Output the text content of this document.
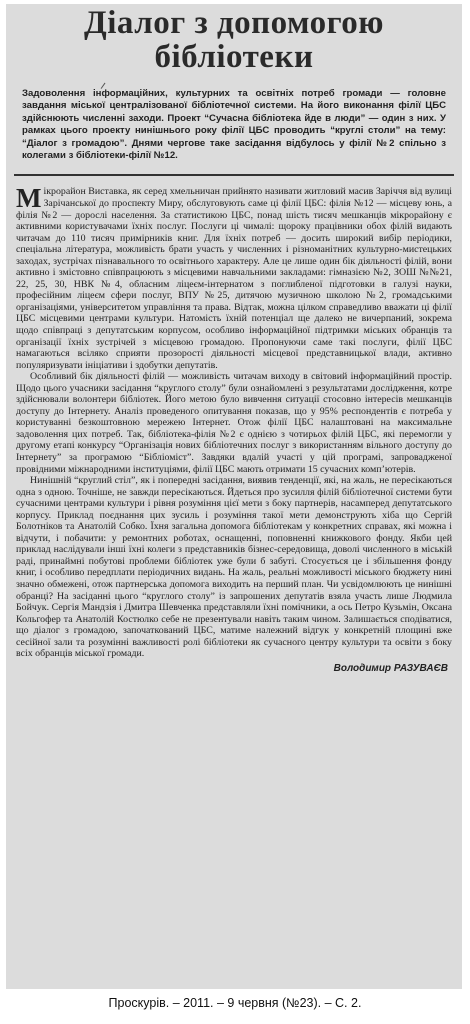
Діалог з допомогою бібліотеки
Задоволення інформаційних, культурних та освітніх потреб громади — головне завдання міської централізованої бібліотечної системи. На його виконання філії ЦБС здійснюють численні заходи. Проект “Сучасна бібліотека йде в люди” — один з них. У рамках цього проекту нинішнього року філії ЦБС проводить “круглі столи” на тему: “Діалог з громадою”. Днями чергове таке засідання відбулось у філії №2 спільно з колегами з бібліотеки-філії №12.

Мікрорайон Виставка, як серед хмельничан прийнято називати житловий масив Заріччя від вулиці Зарічанської до проспекту Миру, обслуговують саме ці філії ЦБС: філія №12 — місцеву юнь, а філія №2 — дорослі населення. За статистикою ЦБС, понад шість тисяч мешканців мікрорайону є активними користувачами їхніх послуг. Послуги ці чималі: щороку працівники обох філій видають читачам до 110 тисяч примірників книг. Для їхніх потреб — досить широкий вибір періодики, спеціальна література, можливість брати участь у численних і різноманітних культурно-мистецьких заходах, зустрічах пізнавального то освітнього характеру. Але це лише один бік діяльності філій, вони активно і змістовно співпрацюють з місцевими навчальними закладами: гімназією №2, ЗОШ №№21, 22, 25, 30, НВК №4, обласним ліцеєм-інтернатом з поглибленої підготовки в галузі науки, професійним ліцеєм сфери послуг, ВПУ №25, дитячою музичною школою №2, громадськими організаціями, університетом управління та права. Відтак, можна цілком справедливо вважати ці філії ЦБС місцевими центрами культури. Натомість їхній потенціал ще далеко не вичерпаний, зокрема щодо співпраці з депутатським корпусом, особливо інформаційної підтримки міських обранців та організації їхніх зустрічей з місцевою громадою. Пропонуючи саме такі послуги, філії ЦБС намагаються всіляко сприяти прозорості діяльності місцевої представницької влади, активно популяризувати ініціативи і здобутки депутатів.

Особливий бік діяльності філій — можливість читачам виходу в світовий інформаційний простір. Щодо цього учасники засідання “круглого столу” були ознайомлені з результатами дослідження, котре здійснювали волонтери бібліотек. Його метою було вивчення ситуації стосовно інтересів мешканців доступу до Інтернету. Аналіз проведеного опитування показав, що у 95% респондентів є потреба у користуванні безкоштовною мережею Інтернет. Отож філії ЦБС налаштовані на максимальне задоволення цих потреб. Так, бібліотека-філія №2 є однією з чотирьох філій ЦБС, які перемогли у другому етапі конкурсу “Організація нових бібліотечних послуг з використанням вільного доступу до Інтернету” за програмою “Бібліоміст”. Завдяки вдалій участі у цій програмі, запровадженої провідними міжнародними інституціями, філії ЦБС мають отримати 15 сучасних комп’ютерів.

Нинішній “круглий стіл”, як і попередні засідання, виявив тенденції, які, на жаль, не пересікаються одна з одною. Точніше, не завжди пересікаються. Йдеться про зусилля філій бібліотечної системи бути сучасними центрами культури і рівня розуміння цієї мети з боку партнерів, насамперед депутатського корпусу. Приклад поєднання цих зусиль і розуміння такої мети демонструють хіба що Сергій Болотніков та Анатолій Собко. Їхня загальна допомога бібліотекам у конкретних справах, які можна і відчути, і побачити: у ремонтних роботах, оснащенні, поповненні книжкового фонду. Якби цей приклад наслідували інші їхні колеги з представників бізнес-середовища, доволі численного в міській раді, принаймні побутові проблеми бібліотек уже були б забуті. Стосується це і збільшення фонду книг, і особливо передплати періодичних видань. На жаль, реальні можливості міського бюджету нині значно обмежені, отож партнерська допомога виходить на перший план. Чи усвідомлюють це нинішні обранці? На засіданні цього “круглого столу” із запрошених депутатів взяла участь лише Людмила Бойчук. Сергія Мандзія і Дмитра Шевченка представляли їхні помічники, а ось Петро Кузьмін, Оксана Кольгофер та Анатолій Костюлко себе не презентували навіть таким чином. Залишається сподіватися, що діалог з громадою, започаткований ЦБС, матиме належний відгук у конкретній площині вже сесійної зали та розумінні важливості ролі бібліотеки як сучасного центру культури та освіти з боку всіх обранців міської громади.

Володимир РАЗУВАЄВ
Проскурів. – 2011. – 9 червня (№23). – С. 2.
